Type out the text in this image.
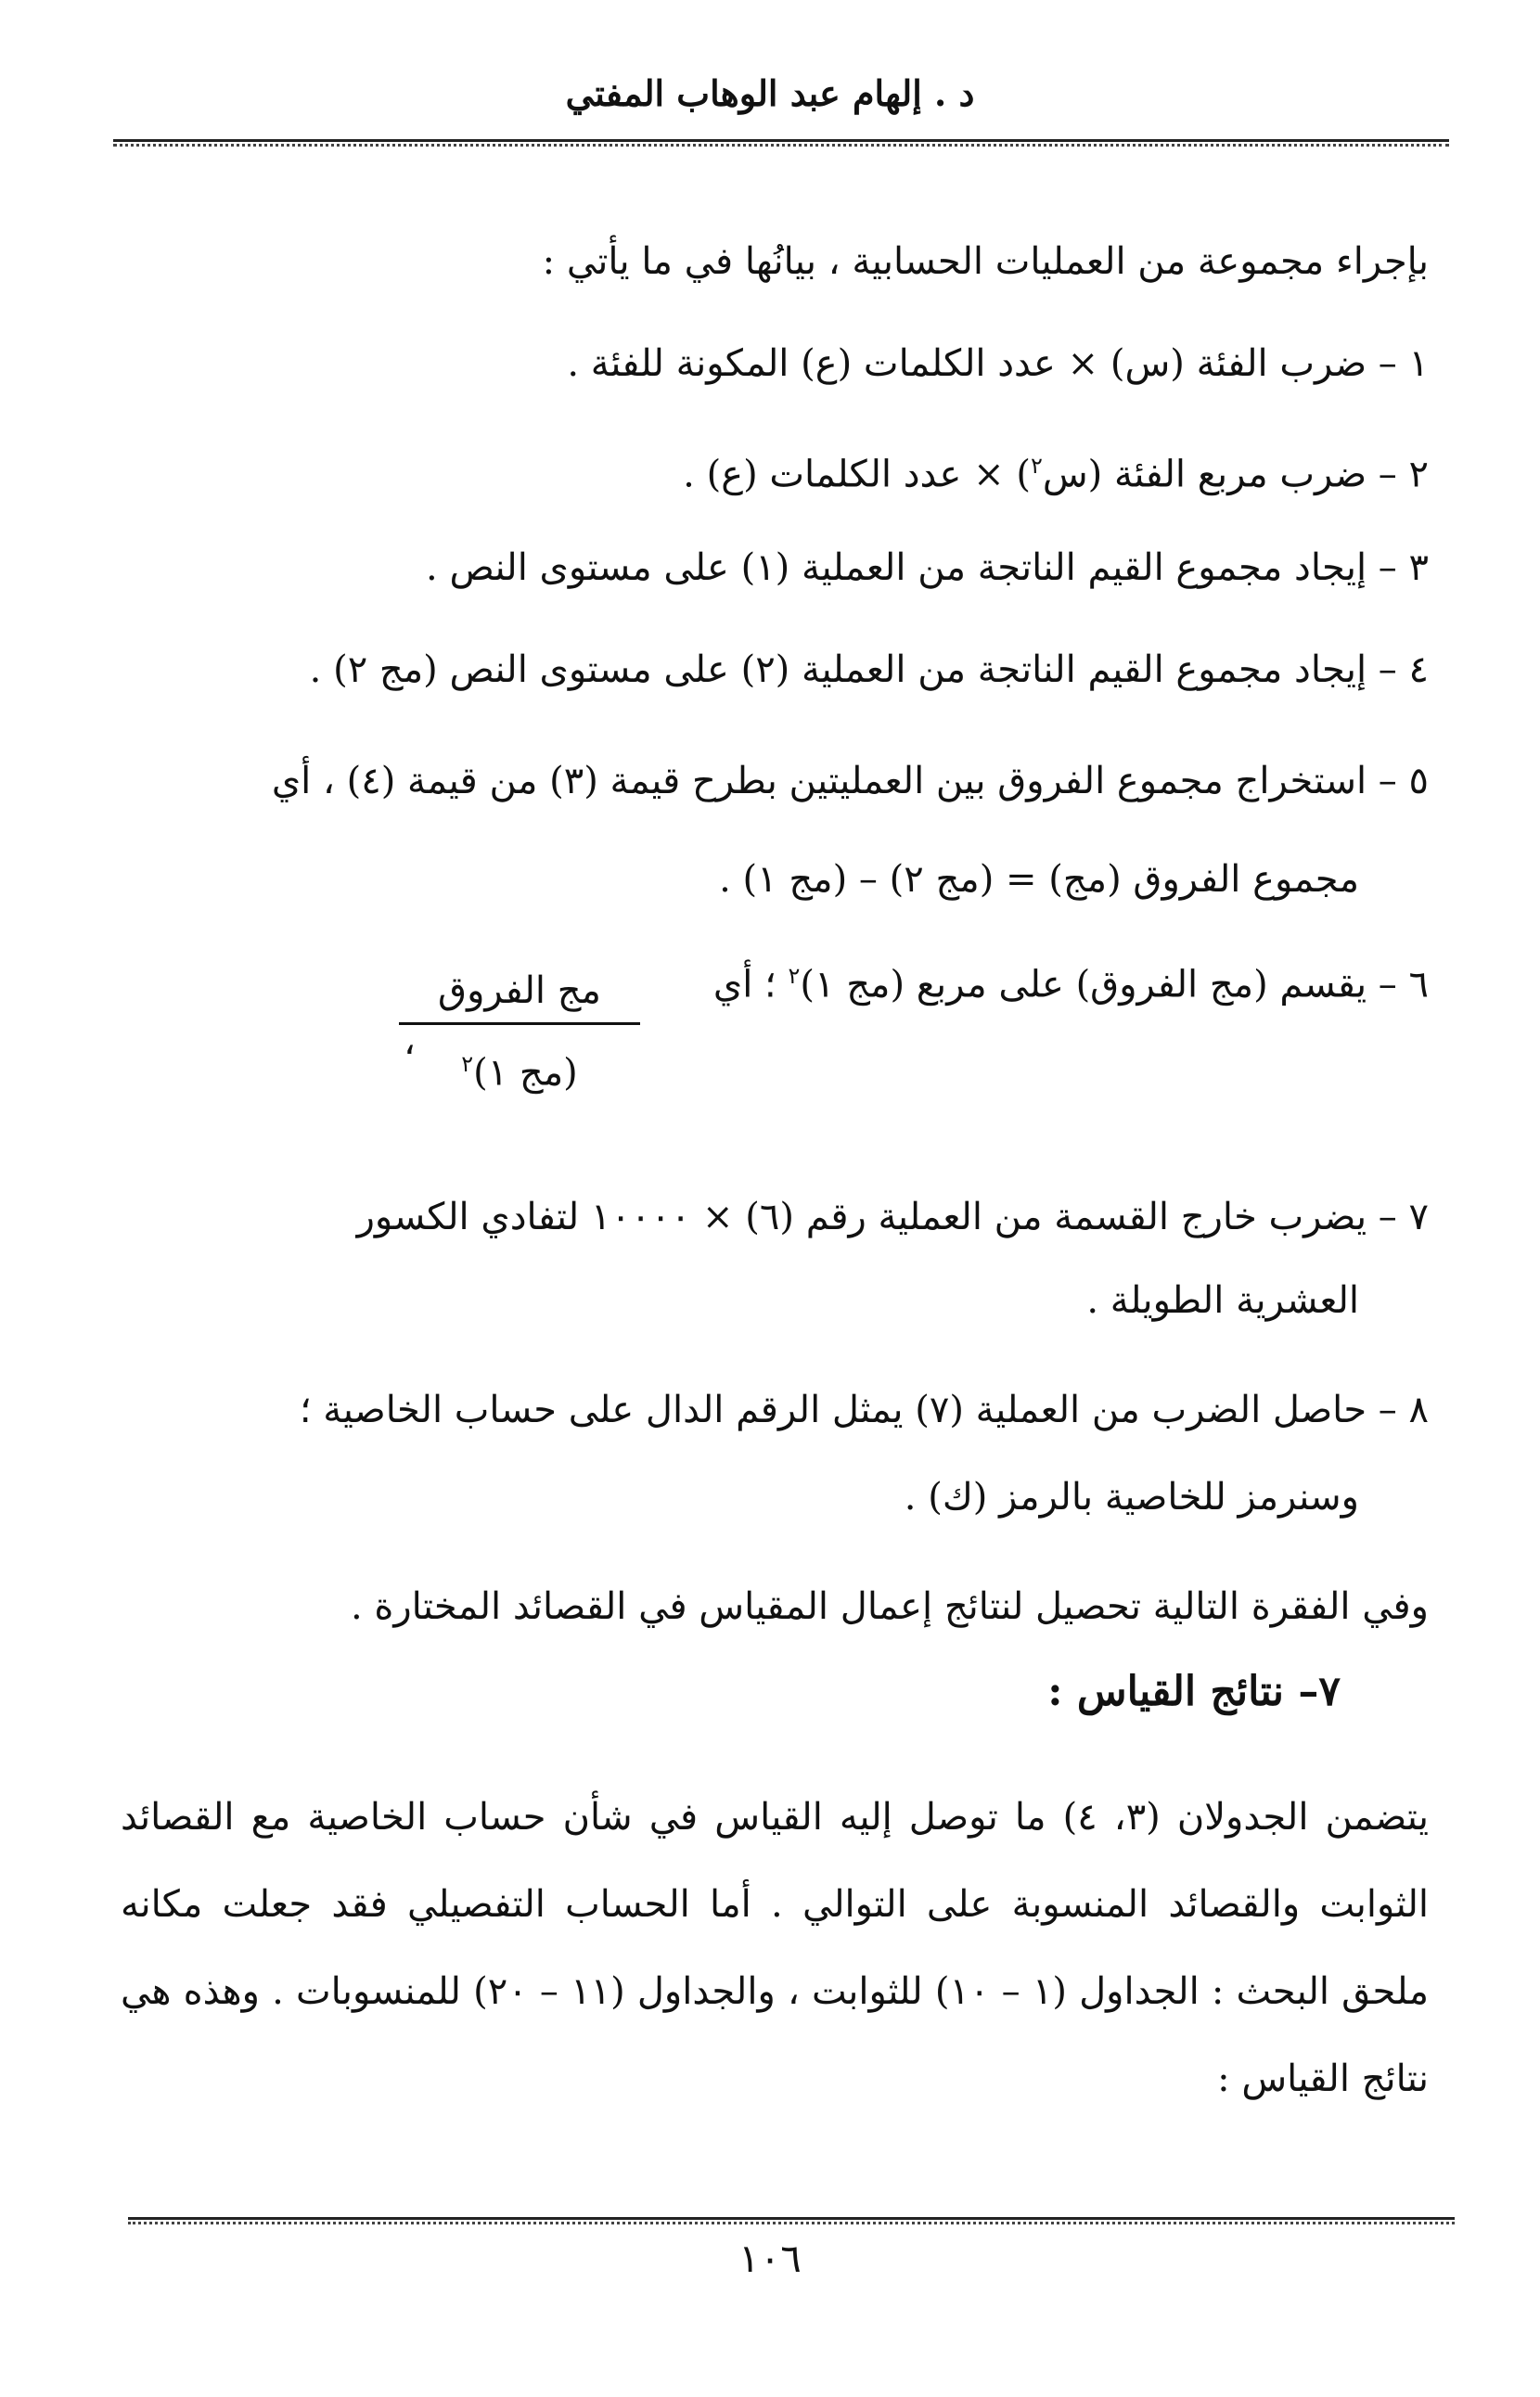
د . إلهام عبد الوهاب المفتي
بإجراء مجموعة من العمليات الحسابية ، بيانُها في ما يأتي :
١ – ضرب الفئة (س) × عدد الكلمات (ع) المكونة للفئة .
٢ – ضرب مربع الفئة (س$^٢$) × عدد الكلمات (ع) .
٣ – إيجاد مجموع القيم الناتجة من العملية (١) على مستوى النص .
٤ – إيجاد مجموع القيم الناتجة من العملية (٢) على مستوى النص (مج ٢) .
٥ – استخراج مجموع الفروق بين العمليتين بطرح قيمة (٣) من قيمة (٤) ، أي
مجموع الفروق (مج) = (مج ٢) – (مج ١) .
٦ – يقسم (مج الفروق) على مربع (مج ١)$^٢$ ؛ أي
٧ – يضرب خارج القسمة من العملية رقم (٦) × ١٠٠٠٠ لتفادي الكسور
العشرية الطويلة .
٨ – حاصل الضرب من العملية (٧) يمثل الرقم الدال على حساب الخاصية ؛
وسنرمز للخاصية بالرمز (ك) .
وفي الفقرة التالية تحصيل لنتائج إعمال المقياس في القصائد المختارة .
يتضمن الجدولان (٣، ٤) ما توصل إليه القياس في شأن حساب الخاصية مع القصائد الثوابت والقصائد المنسوبة على التوالي . أما الحساب التفصيلي فقد جعلت مكانه ملحق البحث : الجداول (١ – ١٠) للثوابت ، والجداول (١١ – ٢٠) للمنسوبات . وهذه هي نتائج القياس :
مج الفروق
(مج ١)$^٢$
،
٧– نتائج القياس :
١٠٦
